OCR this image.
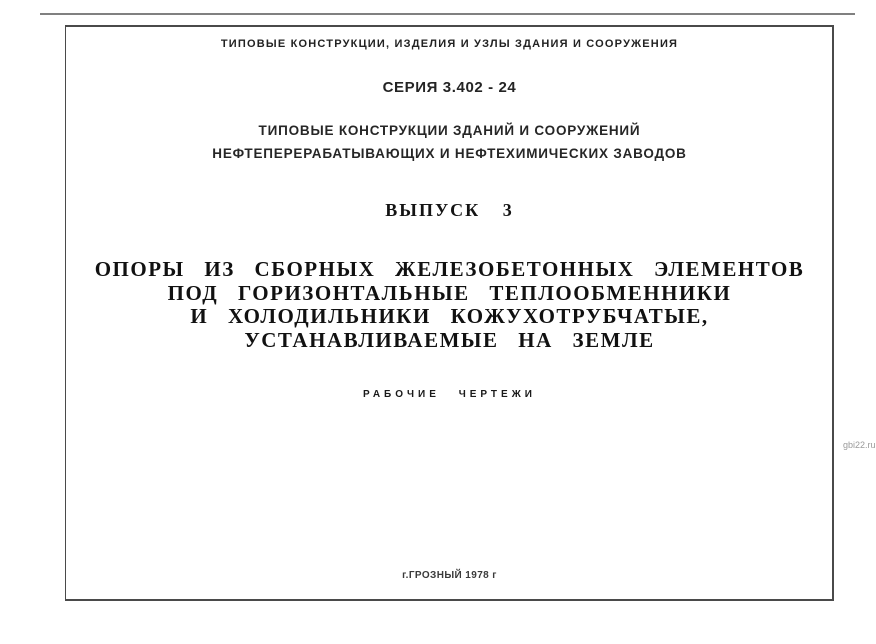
ТИПОВЫЕ КОНСТРУКЦИИ, ИЗДЕЛИЯ И УЗЛЫ ЗДАНИЯ И СООРУЖЕНИЯ
СЕРИЯ 3.402 - 24
ТИПОВЫЕ КОНСТРУКЦИИ ЗДАНИЙ И СООРУЖЕНИЙ
НЕФТЕПЕРЕРАБАТЫВАЮЩИХ И НЕФТЕХИМИЧЕСКИХ ЗАВОДОВ
ВЫПУСК 3
ОПОРЫ ИЗ СБОРНЫХ ЖЕЛЕЗОБЕТОННЫХ ЭЛЕМЕНТОВ
ПОД ГОРИЗОНТАЛЬНЫЕ ТЕПЛООБМЕННИКИ
И ХОЛОДИЛЬНИКИ КОЖУХОТРУБЧАТЫЕ,
УСТАНАВЛИВАЕМЫЕ НА ЗЕМЛЕ
РАБОЧИЕ ЧЕРТЕЖИ
г.ГРОЗНЫЙ 1978 г
gbi22.ru
